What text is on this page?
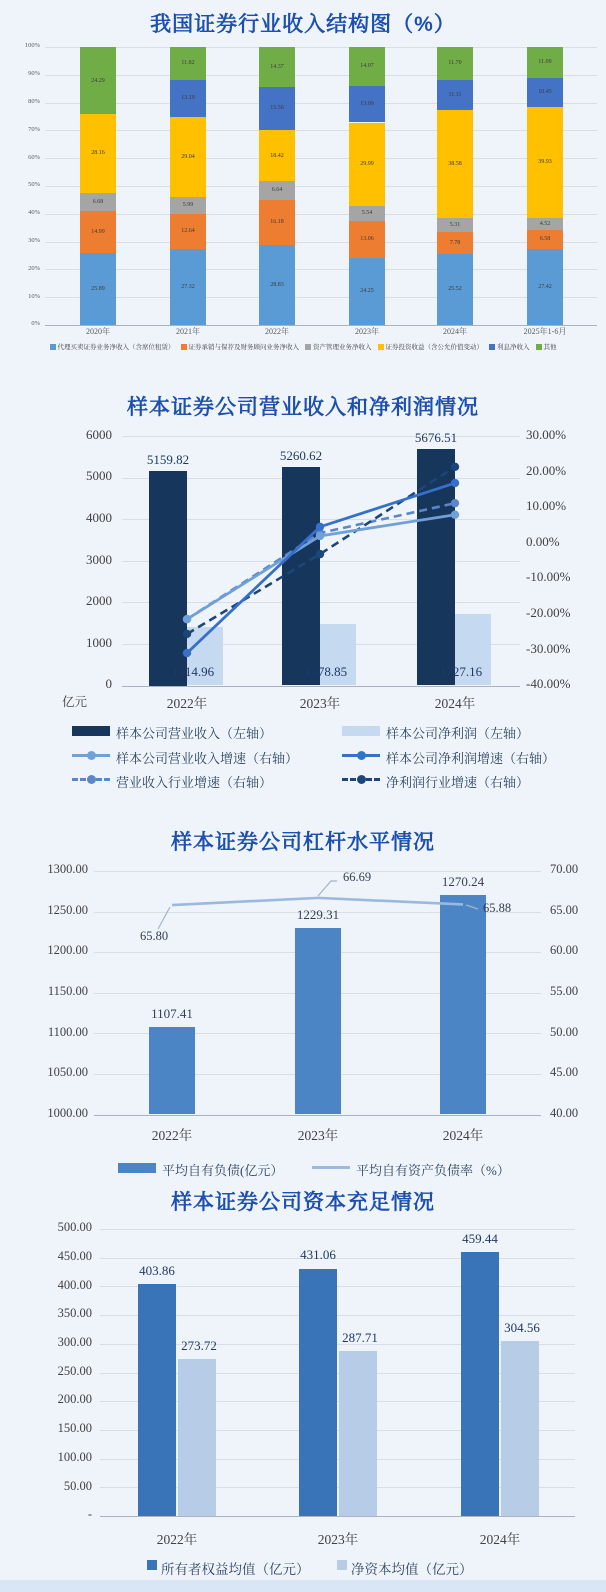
我国证券行业收入结构图（%）
样本证券公司营业收入和净利润情况
样本证券公司杠杆水平情况
样本证券公司资本充足情况
0%
10%
20%
30%
40%
50%
60%
70%
80%
90%
100%
25.89
14.99
6.68
28.16
24.29
2020年
27.32
12.64
5.99
29.04
13.19
11.82
2021年
28.83
16.18
6.64
18.42
15.56
14.37
2022年
24.25
13.06
5.54
29.99
13.09
14.07
2023年
25.52
7.78
5.31
38.58
11.11
11.70
2024年
27.42
6.58
4.52
39.93
10.45
11.09
2025年1-6月
代理买卖证券业务净收入（含席位租赁） 证券承销与保荐及财务顾问业务净收入 资产管理业务净收入 证券投资收益（含公允价值变动） 利息净收入 其他
0
1000
2000
3000
4000
5000
6000	30.00%
20.00%
10.00%
0.00%
-10.00%
-20.00%
-30.00%
-40.00%
5159.82
1414.96
2022年
5260.62
1478.85
2023年
5676.51
1727.16
2024年
亿元
样本公司营业收入（左轴）	样本公司净利润（左轴）
样本公司营业收入增速（右轴）	样本公司净利润增速（右轴）
营业收入行业增速（右轴）	净利润行业增速（右轴）
1000.00
1050.00
1100.00
1150.00
1200.00
1250.00
1300.00
40.00
45.00
50.00
55.00
60.00
65.00
70.00
1107.41
2022年
1229.31
2023年
1270.24
2024年
65.80
66.69
65.88
平均自有负债(亿元）	平均自有资产负债率（%）
-
50.00
100.00
150.00
200.00
250.00
300.00
350.00
400.00
450.00
500.00
403.86
273.72
2022年
431.06
287.71
2023年
459.44
304.56
2024年
所有者权益均值（亿元）	净资本均值（亿元）
